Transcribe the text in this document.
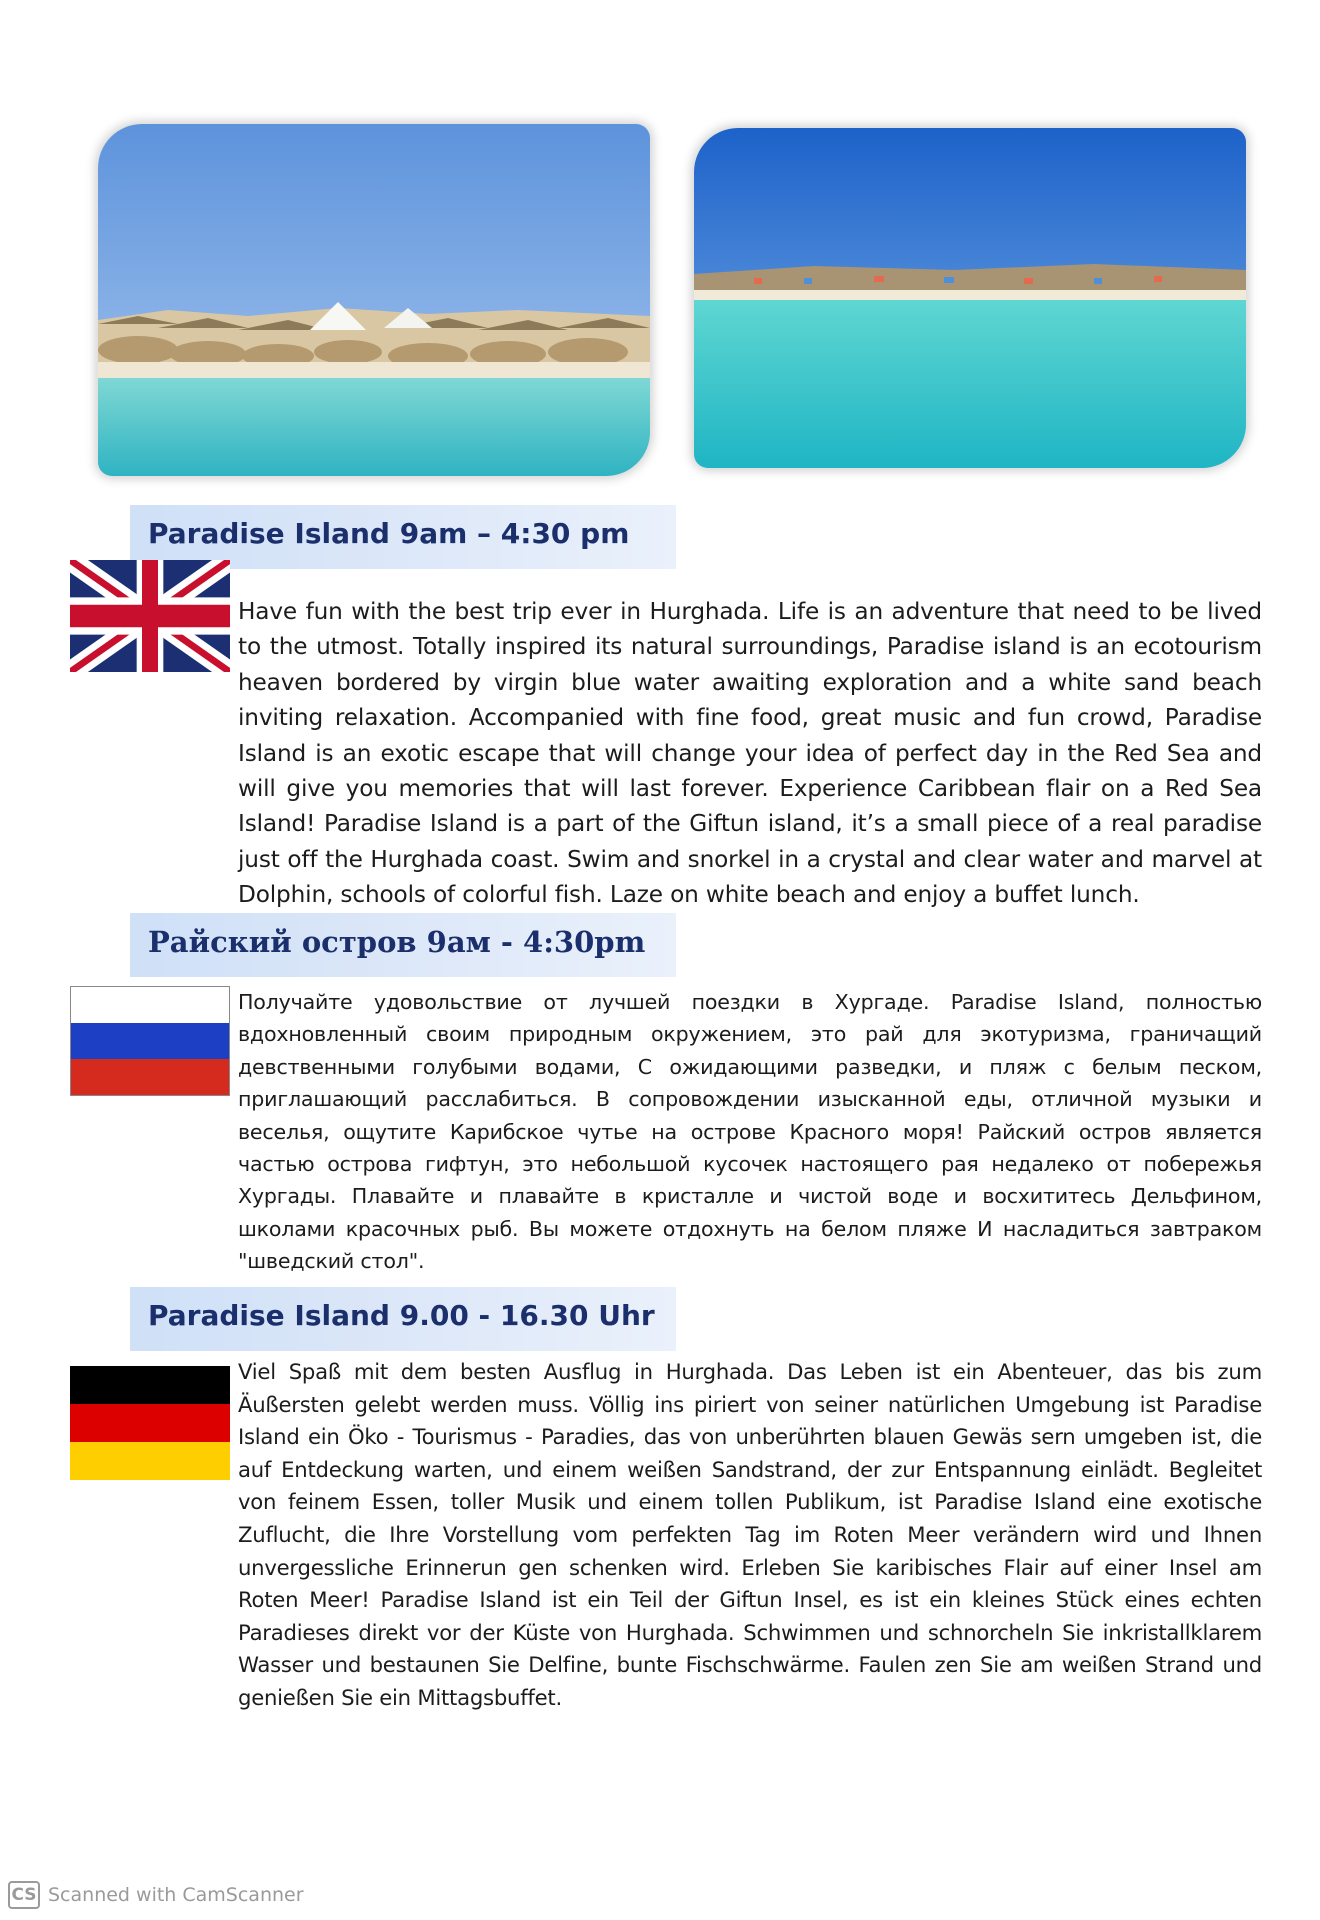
Paradise Island 9am – 4:30 pm

Have fun with the best trip ever in Hurghada. Life is an adventure that need to be lived to the utmost. Totally inspired its natural surroundings, Paradise island is an ecotourism heaven bordered by virgin blue water awaiting exploration and a white sand beach inviting relaxation. Accompanied with fine food, great music and fun crowd, Paradise Island is an exotic escape that will change your idea of perfect day in the Red Sea and will give you memories that will last forever. Experience Caribbean flair on a Red Sea Island! Paradise Island is a part of the Giftun island, it’s a small piece of a real paradise just off the Hurghada coast. Swim and snorkel in a crystal and clear water and marvel at Dolphin, schools of colorful fish. Laze on white beach and enjoy a buffet lunch.

Райский остров 9ам - 4:30pm

Получайте удовольствие от лучшей поездки в Хургаде. Paradise Island, полностью вдохновленный своим природным окружением, это рай для экотуризма, граничащий девственными голубыми водами, С ожидающими разведки, и пляж с белым песком, приглашающий расслабиться. В сопровождении изысканной еды, отличной музыки и веселья, ощутите Карибское чутье на острове Красного моря! Райский остров является частью острова гифтун, это небольшой кусочек настоящего рая недалеко от побережья Хургады. Плавайте и плавайте в кристалле и чистой воде и восхититесь Дельфином, школами красочных рыб. Вы можете отдохнуть на белом пляже И насладиться завтраком "шведский стол".

Paradise Island 9.00 - 16.30 Uhr

Viel Spaß mit dem besten Ausflug in Hurghada. Das Leben ist ein Abenteuer, das bis zum Äußersten gelebt werden muss. Völlig ins piriert von seiner natürlichen Umgebung ist Paradise Island ein Öko - Tourismus - Paradies, das von unberührten blauen Gewäs sern umgeben ist, die auf Entdeckung warten, und einem weißen Sandstrand, der zur Entspannung einlädt. Begleitet von feinem Essen, toller Musik und einem tollen Publikum, ist Paradise Island eine exotische Zuflucht, die Ihre Vorstellung vom perfekten Tag im Roten Meer verändern wird und Ihnen unvergessliche Erinnerun gen schenken wird. Erleben Sie karibisches Flair auf einer Insel am Roten Meer! Paradise Island ist ein Teil der Giftun Insel, es ist ein kleines Stück eines echten Paradieses direkt vor der Küste von Hurghada. Schwimmen und schnorcheln Sie inkristallklarem Wasser und bestaunen Sie Delfine, bunte Fischschwärme. Faulen zen Sie am weißen Strand und genießen Sie ein Mittagsbuffet.

CS Scanned with CamScanner
